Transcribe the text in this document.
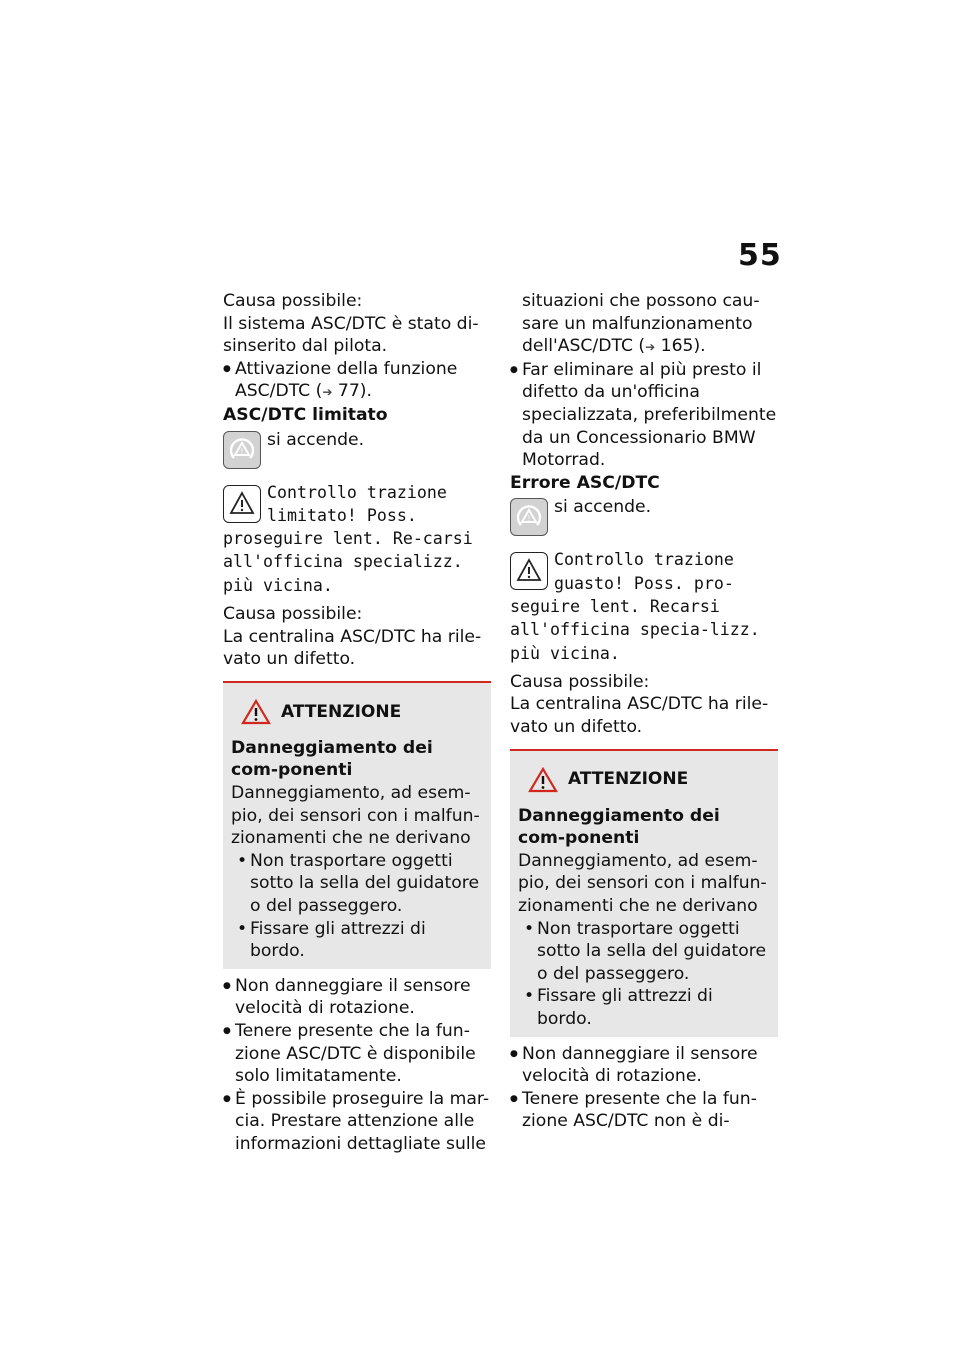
55

Causa possibile:

Il sistema ASC/DTC è stato di-sinserito dal pilota.

● Attivazione della funzione ASC/DTC (➔ 77).

ASC/DTC limitato

!
si accende.
Controllo trazione limitato! Poss. proseguire lent. Re-carsi all'officina specializz. più vicina.

Causa possibile:

La centralina ASC/DTC ha rile-vato un difetto.

ATTENZIONE

Danneggiamento dei com-ponenti

Danneggiamento, ad esem-pio, dei sensori con i malfun-zionamenti che ne derivano

• Non trasportare oggetti sotto la sella del guidatore o del passeggero.

• Fissare gli attrezzi di bordo.

● Non danneggiare il sensore velocità di rotazione.

● Tenere presente che la fun-zione ASC/DTC è disponibile solo limitatamente.

● È possibile proseguire la mar-cia. Prestare attenzione alle informazioni dettagliate sulle

situazioni che possono cau-sare un malfunzionamento dell'ASC/DTC (➔ 165).

● Far eliminare al più presto il difetto da un'officina specializzata, preferibilmente da un Concessionario BMW Motorrad.

Errore ASC/DTC

!
si accende.
Controllo trazione guasto! Poss. pro-seguire lent. Recarsi all'officina specia-lizz. più vicina.

Causa possibile:

La centralina ASC/DTC ha rile-vato un difetto.

ATTENZIONE

Danneggiamento dei com-ponenti

Danneggiamento, ad esem-pio, dei sensori con i malfun-zionamenti che ne derivano

• Non trasportare oggetti sotto la sella del guidatore o del passeggero.

• Fissare gli attrezzi di bordo.

● Non danneggiare il sensore velocità di rotazione.

● Tenere presente che la fun-zione ASC/DTC non è di-
